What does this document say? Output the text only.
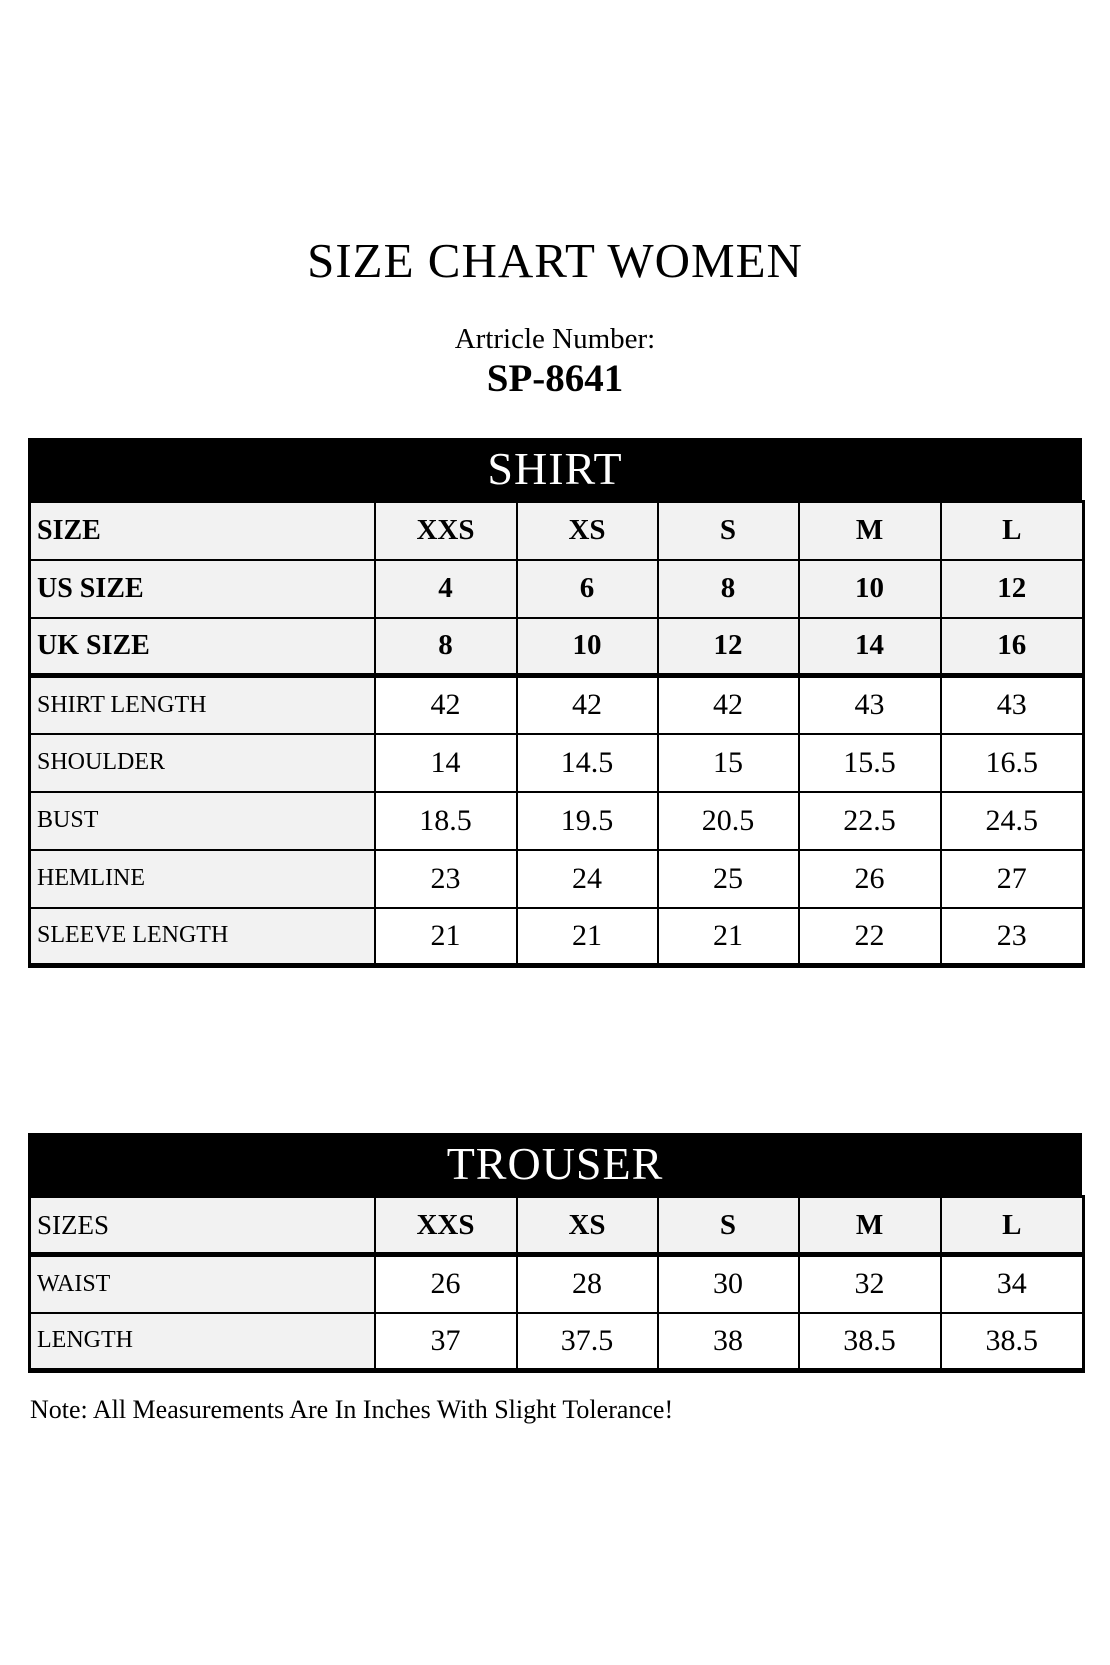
SIZE CHART WOMEN
Artricle Number:
SP-8641
SHIRT
SIZE	XXS	XS	S	M	L
US SIZE	4	6	8	10	12
UK SIZE	8	10	12	14	16
SHIRT LENGTH	42	42	42	43	43
SHOULDER	14	14.5	15	15.5	16.5
BUST	18.5	19.5	20.5	22.5	24.5
HEMLINE	23	24	25	26	27
SLEEVE LENGTH	21	21	21	22	23
TROUSER
SIZES	XXS	XS	S	M	L
WAIST	26	28	30	32	34
LENGTH	37	37.5	38	38.5	38.5
Note: All Measurements Are In Inches With Slight Tolerance!
